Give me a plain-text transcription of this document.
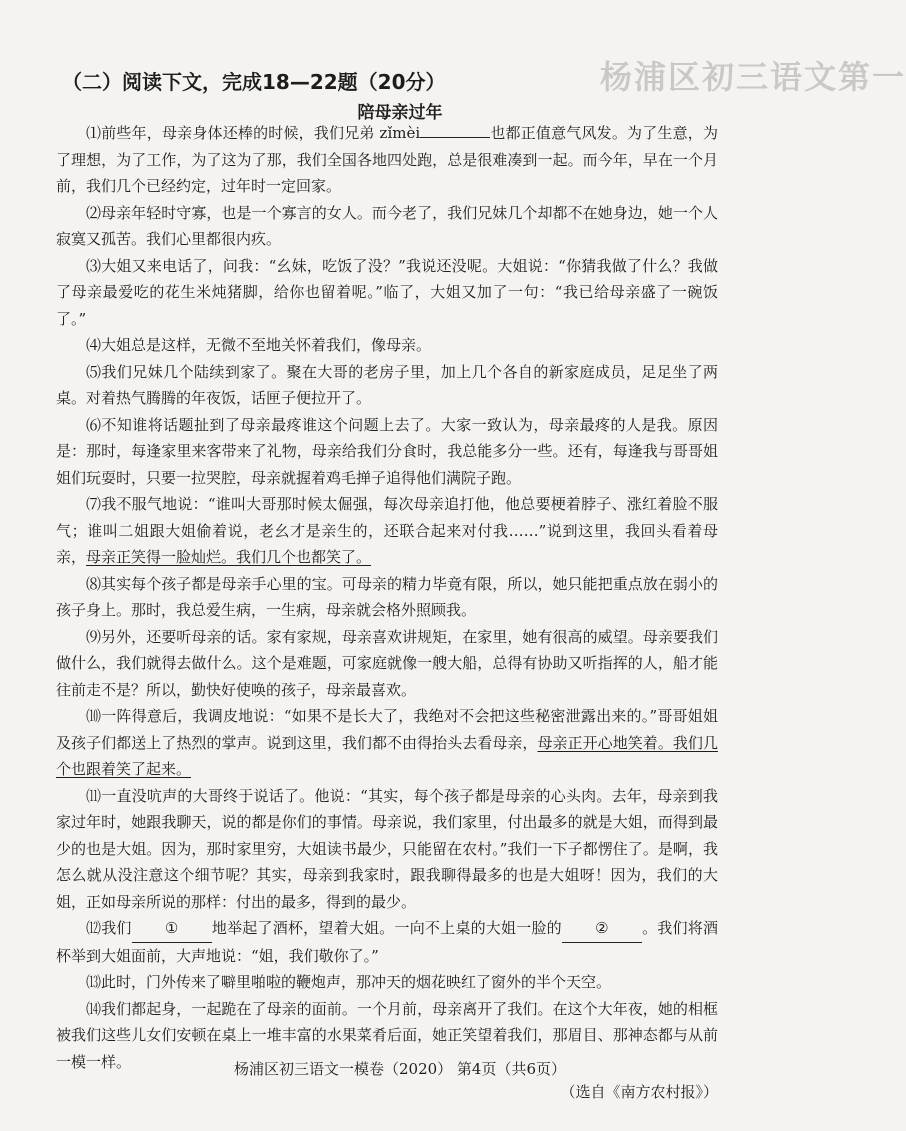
杨浦区初三语文第一
（二）阅读下文，完成18—22题（20分）
陪母亲过年

⑴前些年，母亲身体还棒的时候，我们兄弟 zǐmèi	也都正值意气风发。为了生意，为了理想，为了工作，为了这为了那，我们全国各地四处跑，总是很难凑到一起。而今年，早在一个月前，我们几个已经约定，过年时一定回家。

⑵母亲年轻时守寡，也是一个寡言的女人。而今老了，我们兄妹几个却都不在她身边，她一个人寂寞又孤苦。我们心里都很内疚。

⑶大姐又来电话了，问我：“幺妹，吃饭了没？”我说还没呢。大姐说：“你猜我做了什么？我做了母亲最爱吃的花生米炖猪脚，给你也留着呢。”临了，大姐又加了一句：“我已给母亲盛了一碗饭了。”

⑷大姐总是这样，无微不至地关怀着我们，像母亲。

⑸我们兄妹几个陆续到家了。聚在大哥的老房子里，加上几个各自的新家庭成员，足足坐了两桌。对着热气腾腾的年夜饭，话匣子便拉开了。

⑹不知谁将话题扯到了母亲最疼谁这个问题上去了。大家一致认为，母亲最疼的人是我。原因是：那时，每逢家里来客带来了礼物，母亲给我们分食时，我总能多分一些。还有，每逢我与哥哥姐姐们玩耍时，只要一拉哭腔，母亲就握着鸡毛掸子追得他们满院子跑。

⑺我不服气地说：“谁叫大哥那时候太倔强，每次母亲追打他，他总要梗着脖子、涨红着脸不服气；谁叫二姐跟大姐偷着说，老幺才是亲生的，还联合起来对付我……”说到这里，我回头看着母亲，母亲正笑得一脸灿烂。我们几个也都笑了。

⑻其实每个孩子都是母亲手心里的宝。可母亲的精力毕竟有限，所以，她只能把重点放在弱小的孩子身上。那时，我总爱生病，一生病，母亲就会格外照顾我。

⑼另外，还要听母亲的话。家有家规，母亲喜欢讲规矩，在家里，她有很高的威望。母亲要我们做什么，我们就得去做什么。这个是难题，可家庭就像一艘大船，总得有协助又听指挥的人，船才能往前走不是？所以，勤快好使唤的孩子，母亲最喜欢。

⑽一阵得意后，我调皮地说：“如果不是长大了，我绝对不会把这些秘密泄露出来的。”哥哥姐姐及孩子们都送上了热烈的掌声。说到这里，我们都不由得抬头去看母亲，母亲正开心地笑着。我们几个也跟着笑了起来。

⑾一直没吭声的大哥终于说话了。他说：“其实，每个孩子都是母亲的心头肉。去年，母亲到我家过年时，她跟我聊天，说的都是你们的事情。母亲说，我们家里，付出最多的就是大姐，而得到最少的也是大姐。因为，那时家里穷，大姐读书最少，只能留在农村。”我们一下子都愣住了。是啊，我怎么就从没注意这个细节呢？其实，母亲到我家时，跟我聊得最多的也是大姐呀！因为，我们的大姐，正如母亲所说的那样：付出的最多，得到的最少。

⑿我们 ① 地举起了酒杯，望着大姐。一向不上桌的大姐一脸的 ② 。我们将酒杯举到大姐面前，大声地说：“姐，我们敬你了。”

⒀此时，门外传来了噼里啪啦的鞭炮声，那冲天的烟花映红了窗外的半个天空。

⒁我们都起身，一起跪在了母亲的面前。一个月前，母亲离开了我们。在这个大年夜，她的相框被我们这些儿女们安顿在桌上一堆丰富的水果菜肴后面，她正笑望着我们，那眉目、那神态都与从前一模一样。

（选自《南方农村报》）

杨浦区初三语文一模卷（2020） 第4页（共6页）
